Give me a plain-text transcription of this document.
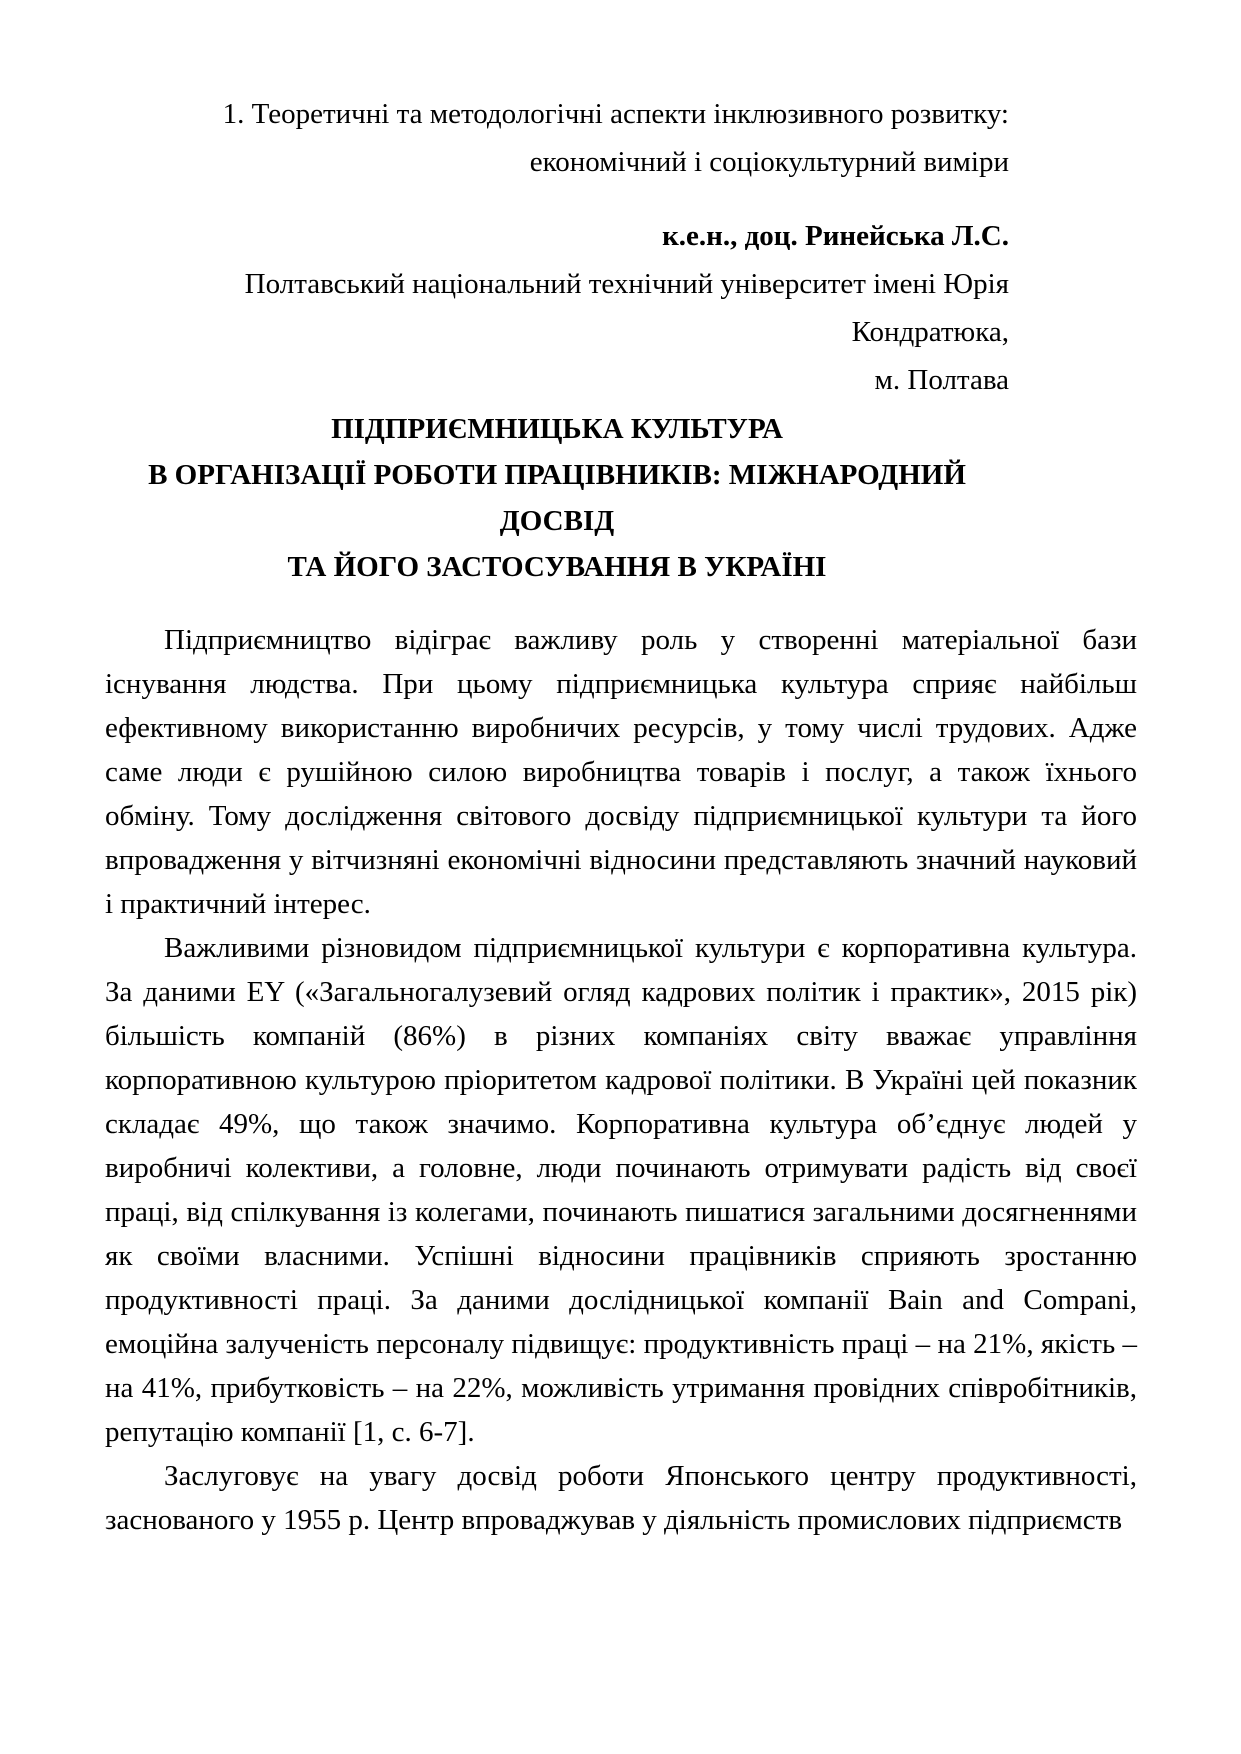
1. Теоретичні та методологічні аспекти інклюзивного розвитку:
економічний і соціокультурний виміри
к.е.н., доц. Ринейська Л.С.
Полтавський національний технічний університет імені Юрія Кондратюка,
м. Полтава
ПІДПРИЄМНИЦЬКА КУЛЬТУРА
В ОРГАНІЗАЦІЇ РОБОТИ ПРАЦІВНИКІВ: МІЖНАРОДНИЙ ДОСВІД
ТА ЙОГО ЗАСТОСУВАННЯ В УКРАЇНІ

Підприємництво відіграє важливу роль у створенні матеріальної бази існування людства. При цьому підприємницька культура сприяє найбільш ефективному використанню виробничих ресурсів, у тому числі трудових. Адже саме люди є рушійною силою виробництва товарів і послуг, а також їхнього обміну. Тому дослідження світового досвіду підприємницької культури та його впровадження у вітчизняні економічні відносини представляють значний науковий і практичний інтерес.

Важливими різновидом підприємницької культури є корпоративна культура. За даними EY («Загальногалузевий огляд кадрових політик і практик», 2015 рік) більшість компаній (86%) в різних компаніях світу вважає управління корпоративною культурою пріоритетом кадрової політики. В Україні цей показник складає 49%, що також значимо. Корпоративна культура об’єднує людей у виробничі колективи, а головне, люди починають отримувати радість від своєї праці, від спілкування із колегами, починають пишатися загальними досягненнями як своїми власними. Успішні відносини працівників сприяють зростанню продуктивності праці. За даними дослідницької компанії Bain and Compani, емоційна залученість персоналу підвищує: продуктивність праці – на 21%, якість – на 41%, прибутковість – на 22%, можливість утримання провідних співробітників, репутацію компанії [1, с. 6-7].

Заслуговує на увагу досвід роботи Японського центру продуктивності, заснованого у 1955 р. Центр впроваджував у діяльність промислових підприємств
